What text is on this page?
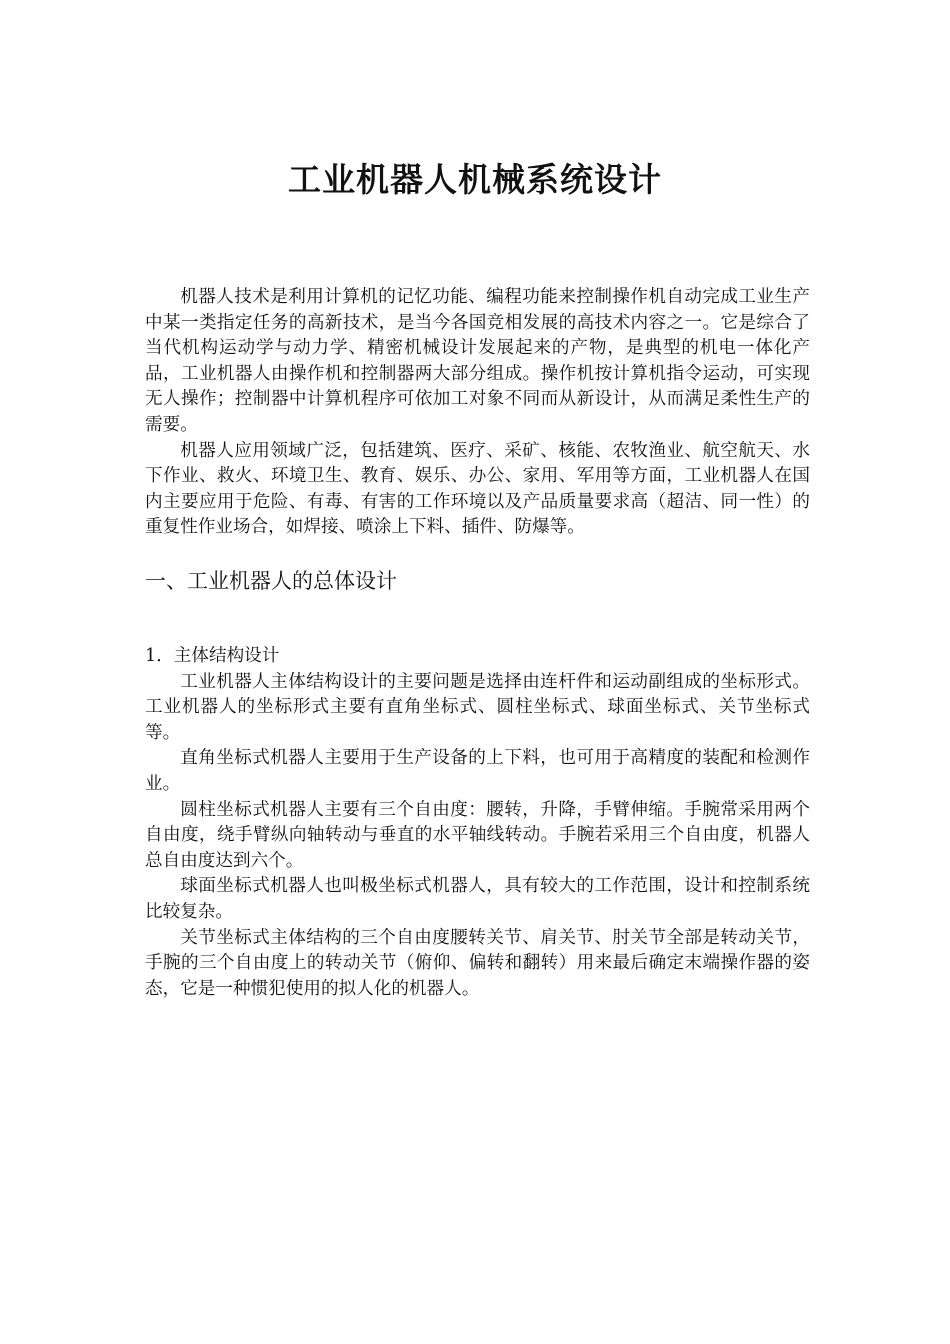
工业机器人机械系统设计

机器人技术是利用计算机的记忆功能、编程功能来控制操作机自动完成工业生产中某一类指定任务的高新技术，是当今各国竞相发展的高技术内容之一。它是综合了当代机构运动学与动力学、精密机械设计发展起来的产物，是典型的机电一体化产品，工业机器人由操作机和控制器两大部分组成。操作机按计算机指令运动，可实现无人操作；控制器中计算机程序可依加工对象不同而从新设计，从而满足柔性生产的需要。

机器人应用领域广泛，包括建筑、医疗、采矿、核能、农牧渔业、航空航天、水下作业、救火、环境卫生、教育、娱乐、办公、家用、军用等方面，工业机器人在国内主要应用于危险、有毒、有害的工作环境以及产品质量要求高（超洁、同一性）的重复性作业场合，如焊接、喷涂上下料、插件、防爆等。

一、工业机器人的总体设计

1．主体结构设计

工业机器人主体结构设计的主要问题是选择由连杆件和运动副组成的坐标形式。工业机器人的坐标形式主要有直角坐标式、圆柱坐标式、球面坐标式、关节坐标式等。

直角坐标式机器人主要用于生产设备的上下料，也可用于高精度的装配和检测作业。

圆柱坐标式机器人主要有三个自由度：腰转，升降，手臂伸缩。手腕常采用两个自由度，绕手臂纵向轴转动与垂直的水平轴线转动。手腕若采用三个自由度，机器人总自由度达到六个。

球面坐标式机器人也叫极坐标式机器人，具有较大的工作范围，设计和控制系统比较复杂。

关节坐标式主体结构的三个自由度腰转关节、肩关节、肘关节全部是转动关节，手腕的三个自由度上的转动关节（俯仰、偏转和翻转）用来最后确定末端操作器的姿态，它是一种惯犯使用的拟人化的机器人。
